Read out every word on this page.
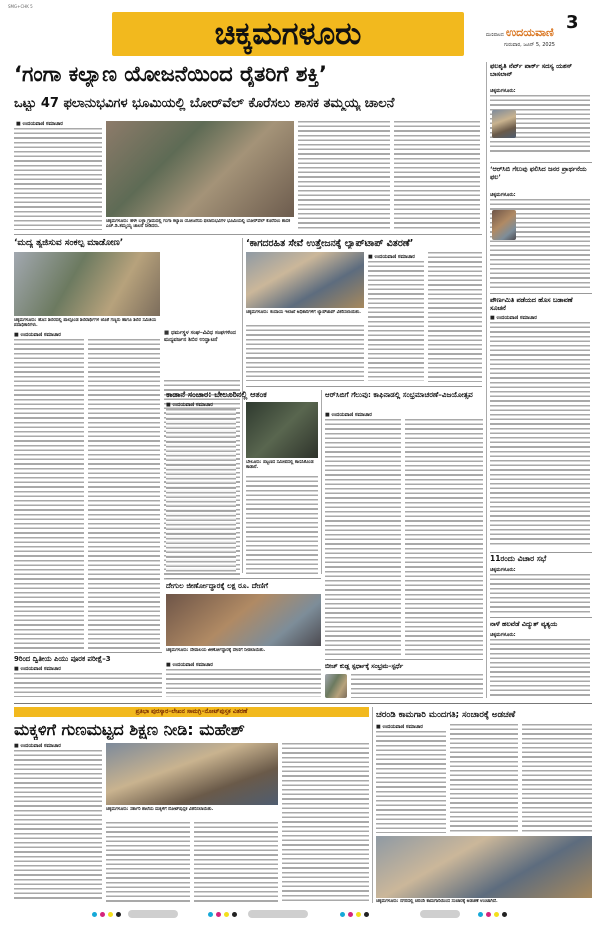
SMG+CHK 5
ಚಿಕ್ಕಮಗಳೂರು	3
ಮಣಿಪಾಲದ ಉದಯವಾಣಿ
ಗುರುವಾರ, ಜೂನ್ 5, 2025
‘ಗಂಗಾ ಕಲ್ಯಾಣ ಯೋಜನೆಯಿಂದ ರೈತರಿಗೆ ಶಕ್ತಿ’
ಒಟ್ಟು 47 ಫಲಾನುಭವಿಗಳ ಭೂಮಿಯಲ್ಲಿ ಬೋರ್‌ವೆಲ್‌ ಕೊರೆಸಲು ಶಾಸಕ ತಮ್ಮಯ್ಯ ಚಾಲನೆ
■ ಉದಯವಾಣಿ ಸಮಾಚಾರ
ಚಿಕ್ಕಮಗಳೂರು: ಹಳೇ ಬಳ್ಳಾ ಗ್ರಾಮದಲ್ಲಿ ಗಂಗಾ ಕಲ್ಯಾಣ ಯೋಜನೆಯ ಫಲಾನುಭವಿಗಳ ಭೂಮಿಯಲ್ಲಿ ಬೋರ್‌ವೆಲ್‌ ಕೊರೆಸಲು ಶಾಸಕ ಎಚ್‌.ಡಿ.ತಮ್ಮಯ್ಯ ಚಾಲನೆ ನೀಡಿದರು.
ಫಲಶೃತಿ ನೆರ್ವ್ ಪಾರ್ಕ್ ಸದಸ್ಯ ಯಶಸ್ ಬಾಸಲಾನ್
ಚಿಕ್ಕಮಗಳೂರು:
‘ಆರ್‌ಸಿಬಿ ಗೆಲುವು ಫಲಿಸಿದ ಜನರ ಪ್ರಾರ್ಥನೆಯ ಫಲ’
ಚಿಕ್ಕಮಗಳೂರು:
ಪೌರ್ಣಮಿತಿ ಪಡೆಯದ ಹೊಸ ಬಡಾವಣೆ ಸೂಚನೆ
■ ಉದಯವಾಣಿ ಸಮಾಚಾರ
11ರಂದು ವಿಚಾರ ಸಭೆ
ಚಿಕ್ಕಮಗಳೂರು:
ನಾಳೆ ಹಲವೆಡೆ ವಿದ್ಯುತ್ ವ್ಯತ್ಯಯ
ಚಿಕ್ಕಮಗಳೂರು:
‘ಮದ್ಯ ತ್ಯಜಿಸುವ ಸಂಕಲ್ಪ ಮಾಡೋಣ’
ಚಿಕ್ಕಮಗಳೂರು: ಹೊಸ ಶಿಬಿರದಲ್ಲಿ ಪಾಲ್ಗೊಂಡ ಶಿಬಿರಾರ್ಥಿಗಳ ಜೊತೆ ಗಣ್ಯರು ಹಾಗೂ ಶಿಬಿರ ಸಮಿತಿಯ ಪದಾಧಿಕಾರಿಗಳು.
■ ಉದಯವಾಣಿ ಸಮಾಚಾರ	■ ಧರ್ಮಸ್ಥಳ ಸಂಘ–ವಿವಿಧ ಸಂಘಗಳಿಂದ ಮದ್ಯವರ್ಜನ ಶಿಬಿರ ಉದ್ಘಾಟನೆ
‘ಕಾಗದರಹಿತ ಸೇವೆ ಉತ್ತೇಜನಕ್ಕೆ ಲ್ಯಾಪ್‌ಟಾಪ್ ವಿತರಣೆ’
ಚಿಕ್ಕಮಗಳೂರು: ಕಂದಾಯ ಇಲಾಖೆ ಅಧಿಕಾರಿಗಳಿಗೆ ಲ್ಯಾಪ್‌ಟಾಪ್ ವಿತರಿಸಲಾಯಿತು.
■ ಉದಯವಾಣಿ ಸಮಾಚಾರ
ಕಾಡಾನೆ ಸಂಚಾರ: ಬೇಲೂರಿನಲ್ಲಿ ಆತಂಕ
■ ಉದಯವಾಣಿ ಸಮಾಚಾರ
ಬೇಲೂರು: ಪಟ್ಟಣದ ಸಮೀಪದಲ್ಲಿ ಕಾಣಿಸಿಕೊಂಡ ಕಾಡಾನೆ.
ಆರ್‌ಸಿಬಿಗೆ ಗೆಲುವು: ಕಾಫಿನಾಡಲ್ಲಿ ಸಂಭ್ರಮಾಚರಣೆ–ವಿಜಯೋತ್ಸವ
■ ಉದಯವಾಣಿ ಸಮಾಚಾರ
ದೇಗುಲ ಜೀರ್ಣೋದ್ಧಾರಕ್ಕೆ ಲಕ್ಷ ರೂ. ದೇಣಿಗೆ
ಚಿಕ್ಕಮಗಳೂರು: ದೇವಾಲಯ ಜೀರ್ಣೋದ್ಧಾರಕ್ಕೆ ದೇಣಿಗೆ ನೀಡಲಾಯಿತು.
■ ಉದಯವಾಣಿ ಸಮಾಚಾರ
9ರಿಂದ ದ್ವಿತೀಯ ಪಿಯು ಪೂರಕ ಪರೀಕ್ಷೆ–3
■ ಉದಯವಾಣಿ ಸಮಾಚಾರ	ಬೀಚ್ ಕುಡ್ಲ ಸ್ಪರ್ಧಾಕ್ಕೆ ಸಂಭ್ರಮ–ಸ್ಪರ್ಧೆ
ಪ್ರತಿಭಾ ಪುರಸ್ಕಾರ–ಲೇಖನ ಸಾಮಗ್ರಿ–ನೋಟ್‌ಪುಸ್ತಕ ವಿತರಣೆ
ಮಕ್ಕಳಿಗೆ ಗುಣಮಟ್ಟದ ಶಿಕ್ಷಣ ನೀಡಿ: ಮಹೇಶ್
■ ಉದಯವಾಣಿ ಸಮಾಚಾರ
ಚಿಕ್ಕಮಗಳೂರು: ಸರ್ಕಾರಿ ಶಾಲೆಯ ಮಕ್ಕಳಿಗೆ ನೋಟ್‌ಪುಸ್ತಕ ವಿತರಿಸಲಾಯಿತು.
ಚರಂಡಿ ಕಾಮಗಾರಿ ಮಂದಗತಿ; ಸಂಚಾರಕ್ಕೆ ಅಡಚಣೆ
■ ಉದಯವಾಣಿ ಸಮಾಚಾರ
ಚಿಕ್ಕಮಗಳೂರು: ನಗರದಲ್ಲಿ ಚರಂಡಿ ಕಾಮಗಾರಿಯಿಂದ ಸಂಚಾರಕ್ಕೆ ಅಡಚಣೆ ಉಂಟಾಗಿದೆ.
